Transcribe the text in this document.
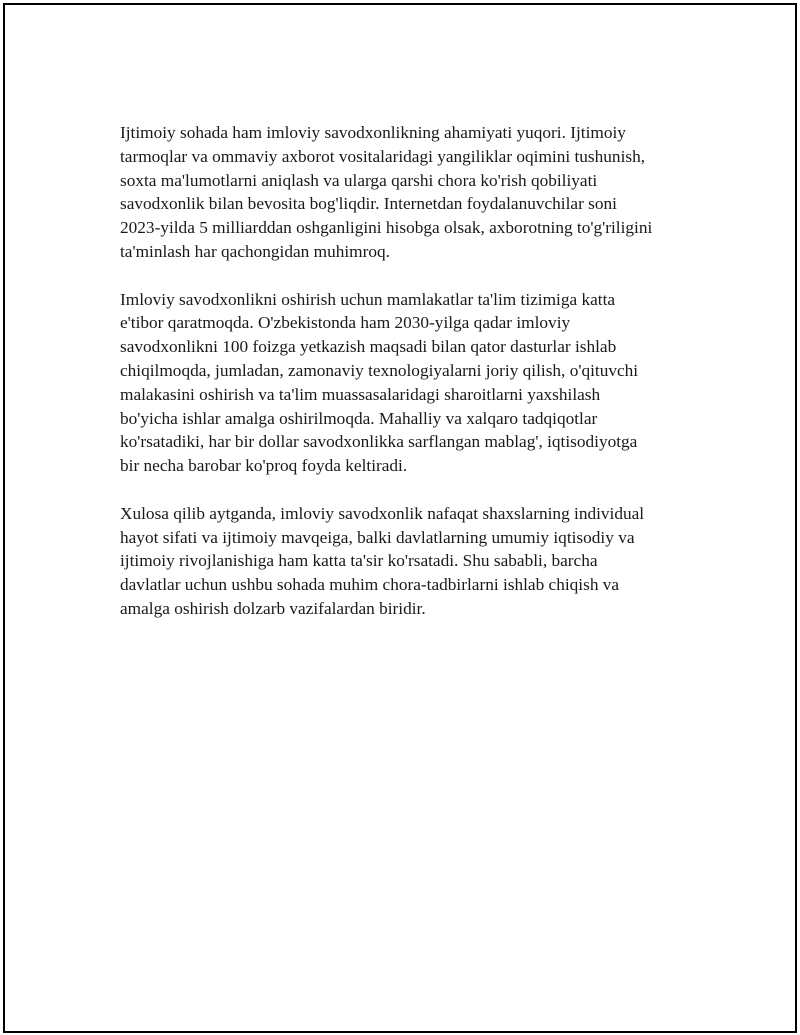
Ijtimoiy sohada ham imloviy savodxonlikning ahamiyati yuqori. Ijtimoiy
tarmoqlar va ommaviy axborot vositalaridagi yangiliklar oqimini tushunish,
soxta ma'lumotlarni aniqlash va ularga qarshi chora ko'rish qobiliyati
savodxonlik bilan bevosita bog'liqdir. Internetdan foydalanuvchilar soni
2023-yilda 5 milliarddan oshganligini hisobga olsak, axborotning to'g'riligini
ta'minlash har qachongidan muhimroq.

Imloviy savodxonlikni oshirish uchun mamlakatlar ta'lim tizimiga katta
e'tibor qaratmoqda. O'zbekistonda ham 2030-yilga qadar imloviy
savodxonlikni 100 foizga yetkazish maqsadi bilan qator dasturlar ishlab
chiqilmoqda, jumladan, zamonaviy texnologiyalarni joriy qilish, o'qituvchi
malakasini oshirish va ta'lim muassasalaridagi sharoitlarni yaxshilash
bo'yicha ishlar amalga oshirilmoqda. Mahalliy va xalqaro tadqiqotlar
ko'rsatadiki, har bir dollar savodxonlikka sarflangan mablag', iqtisodiyotga
bir necha barobar ko'proq foyda keltiradi.

Xulosa qilib aytganda, imloviy savodxonlik nafaqat shaxslarning individual
hayot sifati va ijtimoiy mavqeiga, balki davlatlarning umumiy iqtisodiy va
ijtimoiy rivojlanishiga ham katta ta'sir ko'rsatadi. Shu sababli, barcha
davlatlar uchun ushbu sohada muhim chora-tadbirlarni ishlab chiqish va
amalga oshirish dolzarb vazifalardan biridir.
